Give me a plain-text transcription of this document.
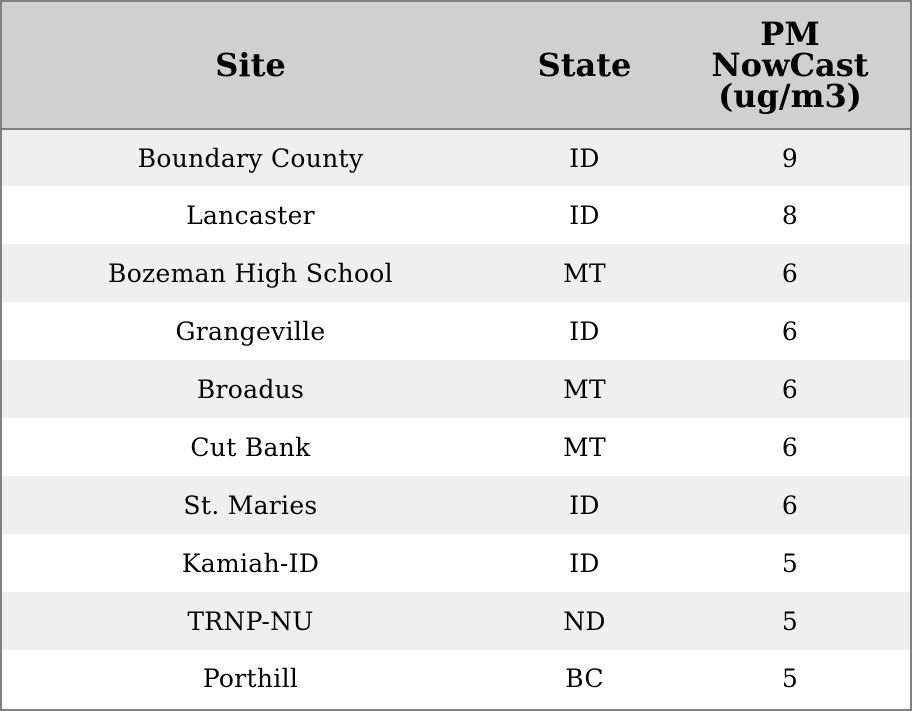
Site	State	PM
NowCast
(ug/m3)
Boundary County	ID	9
Lancaster	ID	8
Bozeman High School	MT	6
Grangeville	ID	6
Broadus	MT	6
Cut Bank	MT	6
St. Maries	ID	6
Kamiah-ID	ID	5
TRNP-NU	ND	5
Porthill	BC	5
